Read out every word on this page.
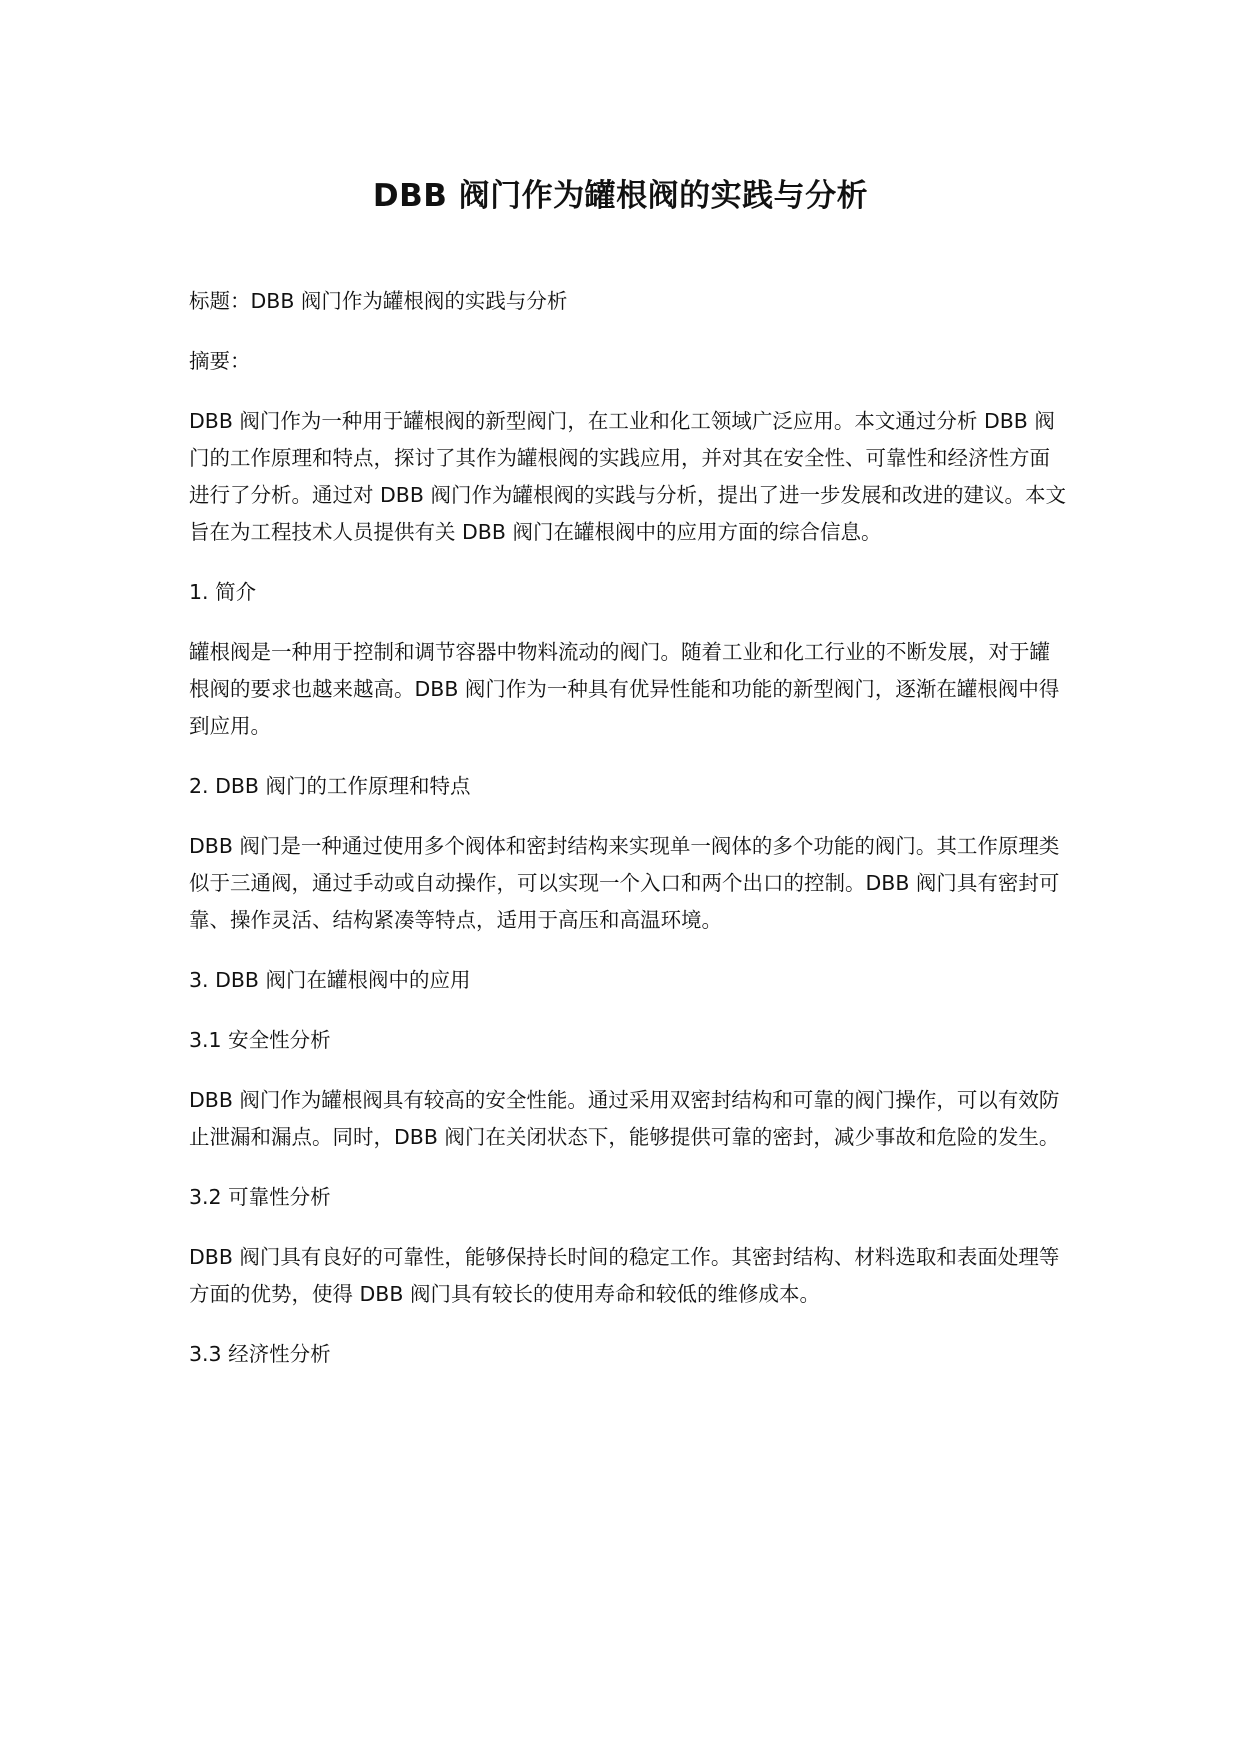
DBB 阀门作为罐根阀的实践与分析

标题：DBB 阀门作为罐根阀的实践与分析

摘要：

DBB 阀门作为一种用于罐根阀的新型阀门，在工业和化工领域广泛应用。本文通过分析 DBB 阀门的工作原理和特点，探讨了其作为罐根阀的实践应用，并对其在安全性、可靠性和经济性方面进行了分析。通过对 DBB 阀门作为罐根阀的实践与分析，提出了进一步发展和改进的建议。本文旨在为工程技术人员提供有关 DBB 阀门在罐根阀中的应用方面的综合信息。

1. 简介

罐根阀是一种用于控制和调节容器中物料流动的阀门。随着工业和化工行业的不断发展，对于罐根阀的要求也越来越高。DBB 阀门作为一种具有优异性能和功能的新型阀门，逐渐在罐根阀中得到应用。

2. DBB 阀门的工作原理和特点

DBB 阀门是一种通过使用多个阀体和密封结构来实现单一阀体的多个功能的阀门。其工作原理类似于三通阀，通过手动或自动操作，可以实现一个入口和两个出口的控制。DBB 阀门具有密封可靠、操作灵活、结构紧凑等特点，适用于高压和高温环境。

3. DBB 阀门在罐根阀中的应用

3.1 安全性分析

DBB 阀门作为罐根阀具有较高的安全性能。通过采用双密封结构和可靠的阀门操作，可以有效防止泄漏和漏点。同时，DBB 阀门在关闭状态下，能够提供可靠的密封，减少事故和危险的发生。

3.2 可靠性分析

DBB 阀门具有良好的可靠性，能够保持长时间的稳定工作。其密封结构、材料选取和表面处理等方面的优势，使得 DBB 阀门具有较长的使用寿命和较低的维修成本。

3.3 经济性分析
